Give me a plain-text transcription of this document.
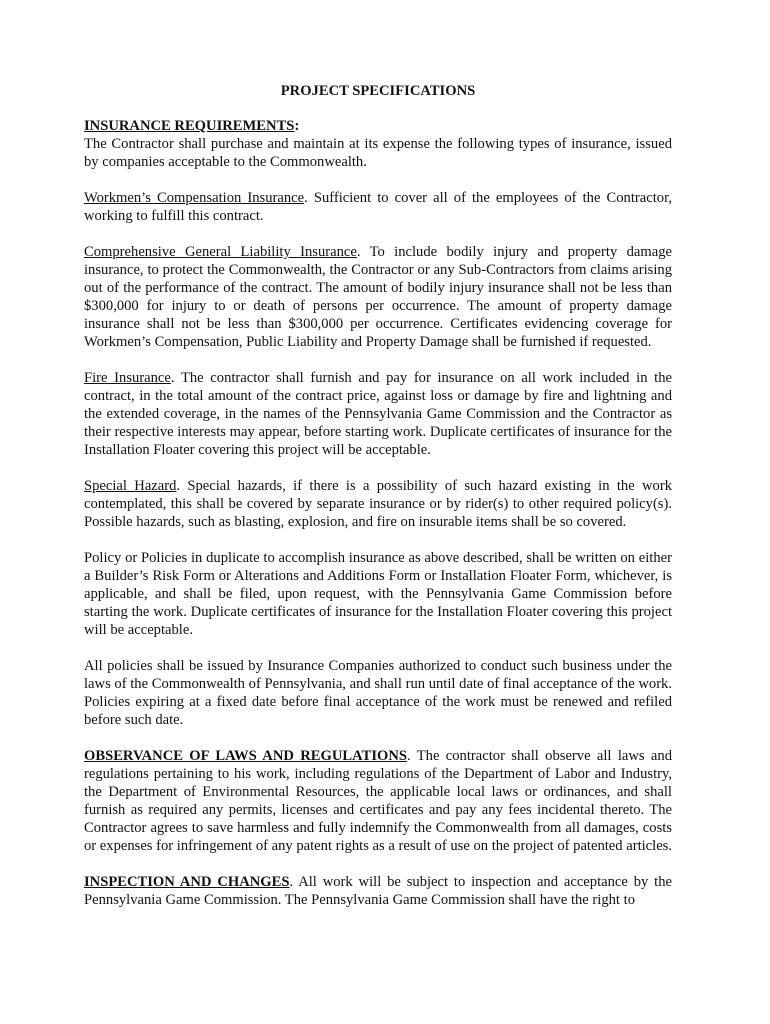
PROJECT SPECIFICATIONS

INSURANCE REQUIREMENTS:
The Contractor shall purchase and maintain at its expense the following types of insurance, issued by companies acceptable to the Commonwealth.

Workmen’s Compensation Insurance. Sufficient to cover all of the employees of the Contractor, working to fulfill this contract.

Comprehensive General Liability Insurance. To include bodily injury and property damage insurance, to protect the Commonwealth, the Contractor or any Sub-Contractors from claims arising out of the performance of the contract. The amount of bodily injury insurance shall not be less than $300,000 for injury to or death of persons per occurrence. The amount of property damage insurance shall not be less than $300,000 per occurrence. Certificates evidencing coverage for Workmen’s Compensation, Public Liability and Property Damage shall be furnished if requested.

Fire Insurance. The contractor shall furnish and pay for insurance on all work included in the contract, in the total amount of the contract price, against loss or damage by fire and lightning and the extended coverage, in the names of the Pennsylvania Game Commission and the Contractor as their respective interests may appear, before starting work. Duplicate certificates of insurance for the Installation Floater covering this project will be acceptable.

Special Hazard. Special hazards, if there is a possibility of such hazard existing in the work contemplated, this shall be covered by separate insurance or by rider(s) to other required policy(s). Possible hazards, such as blasting, explosion, and fire on insurable items shall be so covered.

Policy or Policies in duplicate to accomplish insurance as above described, shall be written on either a Builder’s Risk Form or Alterations and Additions Form or Installation Floater Form, whichever, is applicable, and shall be filed, upon request, with the Pennsylvania Game Commission before starting the work. Duplicate certificates of insurance for the Installation Floater covering this project will be acceptable.

All policies shall be issued by Insurance Companies authorized to conduct such business under the laws of the Commonwealth of Pennsylvania, and shall run until date of final acceptance of the work. Policies expiring at a fixed date before final acceptance of the work must be renewed and refiled before such date.

OBSERVANCE OF LAWS AND REGULATIONS. The contractor shall observe all laws and regulations pertaining to his work, including regulations of the Department of Labor and Industry, the Department of Environmental Resources, the applicable local laws or ordinances, and shall furnish as required any permits, licenses and certificates and pay any fees incidental thereto. The Contractor agrees to save harmless and fully indemnify the Commonwealth from all damages, costs or expenses for infringement of any patent rights as a result of use on the project of patented articles.

INSPECTION AND CHANGES. All work will be subject to inspection and acceptance by the Pennsylvania Game Commission. The Pennsylvania Game Commission shall have the right to
